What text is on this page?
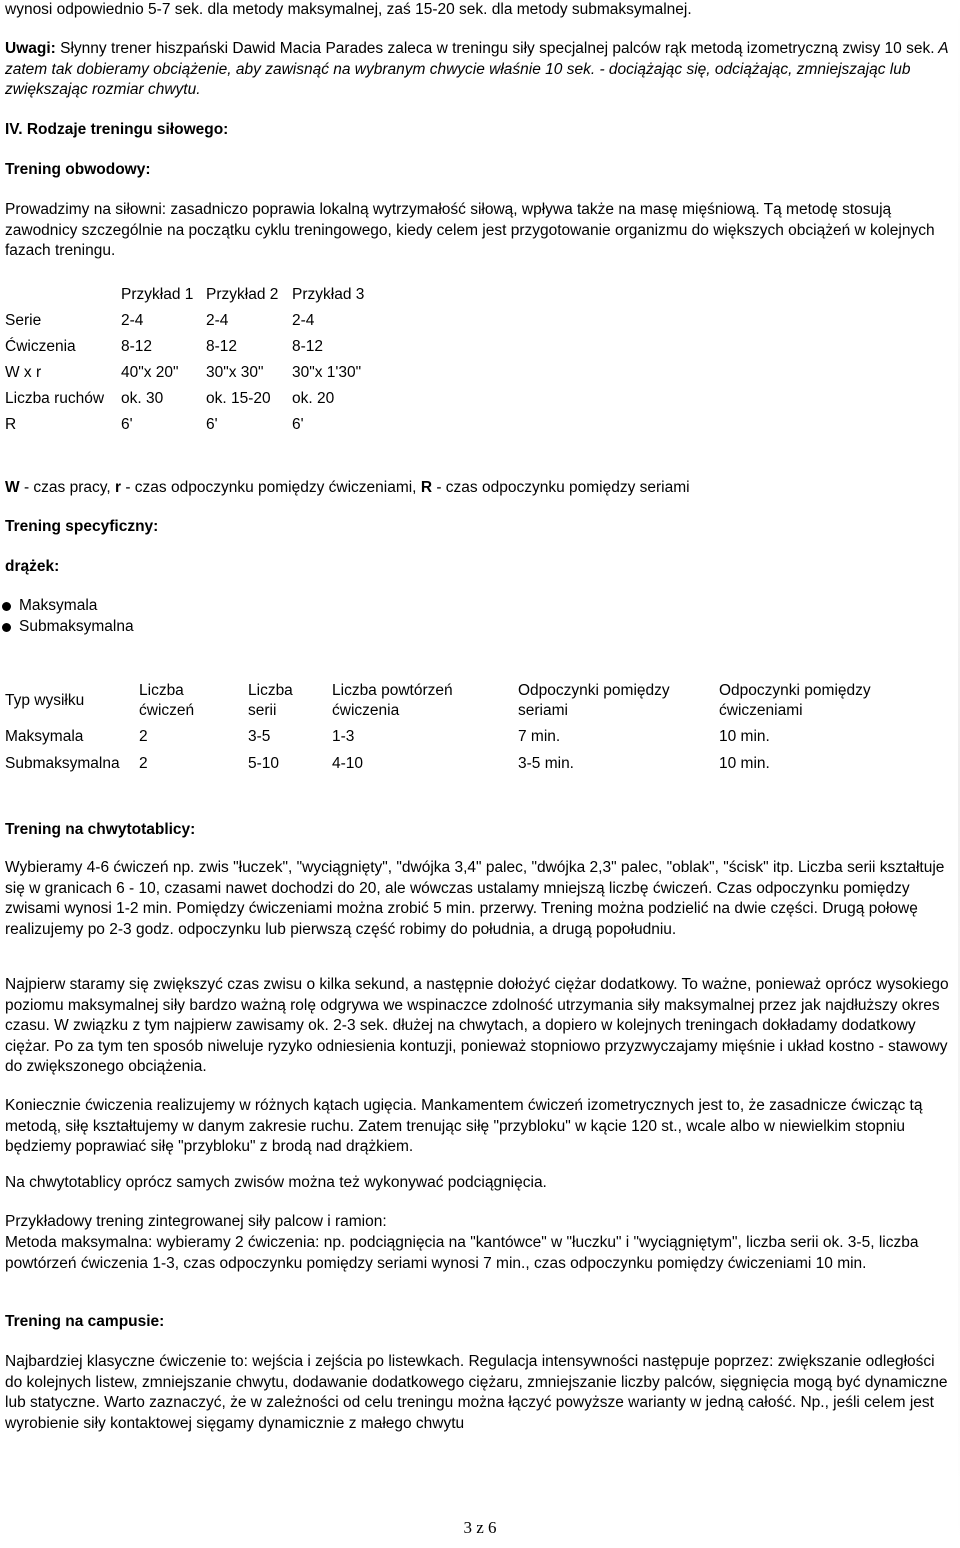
wynosi odpowiednio 5-7 sek. dla metody maksymalnej, zaś 15-20 sek. dla metody submaksymalnej.

Uwagi: Słynny trener hiszpański Dawid Macia Parades zaleca w treningu siły specjalnej palców rąk metodą izometryczną zwisy 10 sek. A zatem tak dobieramy obciążenie, aby zawisnąć na wybranym chwycie właśnie 10 sek. - dociążając się, odciążając, zmniejszając lub zwiększając rozmiar chwytu.

IV. Rodzaje treningu siłowego:

Trening obwodowy:

Prowadzimy na siłowni: zasadniczo poprawia lokalną wytrzymałość siłową, wpływa także na masę mięśniową. Tą metodę stosują zawodnicy szczególnie na początku cyklu treningowego, kiedy celem jest przygotowanie organizmu do większych obciążeń w kolejnych fazach treningu.

	Przykład 1	Przykład 2	Przykład 3
Serie	2-4	2-4	2-4
Ćwiczenia	8-12	8-12	8-12
W x r	40"x 20"	30"x 30"	30"x 1'30"
Liczba ruchów	ok. 30	ok. 15-20	ok. 20
R	6'	6'	6'

W - czas pracy, r - czas odpoczynku pomiędzy ćwiczeniami, R - czas odpoczynku pomiędzy seriami

Trening specyficzny:

drążek:

Maksymala
Submaksymalna
Typ wysiłku	Liczba ćwiczeń	Liczba serii	Liczba powtórzeń ćwiczenia	Odpoczynki pomiędzy seriami	Odpoczynki pomiędzy ćwiczeniami

Maksymala	2	3-5	1-3	7 min.	10 min.
Submaksymalna	2	5-10	4-10	3-5 min.	10 min.

Trening na chwytotablicy:

Wybieramy 4-6 ćwiczeń np. zwis "łuczek", "wyciągnięty", "dwójka 3,4" palec, "dwójka 2,3" palec, "oblak", "ścisk" itp. Liczba serii kształtuje się w granicach 6 - 10, czasami nawet dochodzi do 20, ale wówczas ustalamy mniejszą liczbę ćwiczeń. Czas odpoczynku pomiędzy zwisami wynosi 1-2 min. Pomiędzy ćwiczeniami można zrobić 5 min. przerwy. Trening można podzielić na dwie części. Drugą połowę realizujemy po 2-3 godz. odpoczynku lub pierwszą część robimy do południa, a drugą popołudniu.

Najpierw staramy się zwiększyć czas zwisu o kilka sekund, a następnie dołożyć ciężar dodatkowy. To ważne, ponieważ oprócz wysokiego poziomu maksymalnej siły bardzo ważną rolę odgrywa we wspinaczce zdolność utrzymania siły maksymalnej przez jak najdłuższy okres czasu. W związku z tym najpierw zawisamy ok. 2-3 sek. dłużej na chwytach, a dopiero w kolejnych treningach dokładamy dodatkowy ciężar. Po za tym ten sposób niweluje ryzyko odniesienia kontuzji, ponieważ stopniowo przyzwyczajamy mięśnie i układ kostno - stawowy do zwiększonego obciążenia.

Koniecznie ćwiczenia realizujemy w różnych kątach ugięcia. Mankamentem ćwiczeń izometrycznych jest to, że zasadnicze ćwicząc tą metodą, siłę kształtujemy w danym zakresie ruchu. Zatem trenując siłę "przybloku" w kącie 120 st., wcale albo w niewielkim stopniu będziemy poprawiać siłę "przybloku" z brodą nad drążkiem.

Na chwytotablicy oprócz samych zwisów można też wykonywać podciągnięcia.

Przykładowy trening zintegrowanej siły palcow i ramion:

Metoda maksymalna: wybieramy 2 ćwiczenia: np. podciągnięcia na "kantówce" w "łuczku" i "wyciągniętym", liczba serii ok. 3-5, liczba powtórzeń ćwiczenia 1-3, czas odpoczynku pomiędzy seriami wynosi 7 min., czas odpoczynku pomiędzy ćwiczeniami 10 min.

Trening na campusie:

Najbardziej klasyczne ćwiczenie to: wejścia i zejścia po listewkach. Regulacja intensywności następuje poprzez: zwiększanie odległości do kolejnych listew, zmniejszanie chwytu, dodawanie dodatkowego ciężaru, zmniejszanie liczby palców, sięgnięcia mogą być dynamiczne lub statyczne. Warto zaznaczyć, że w zależności od celu treningu można łączyć powyższe warianty w jedną całość. Np., jeśli celem jest wyrobienie siły kontaktowej sięgamy dynamicznie z małego chwytu

3 z 6
